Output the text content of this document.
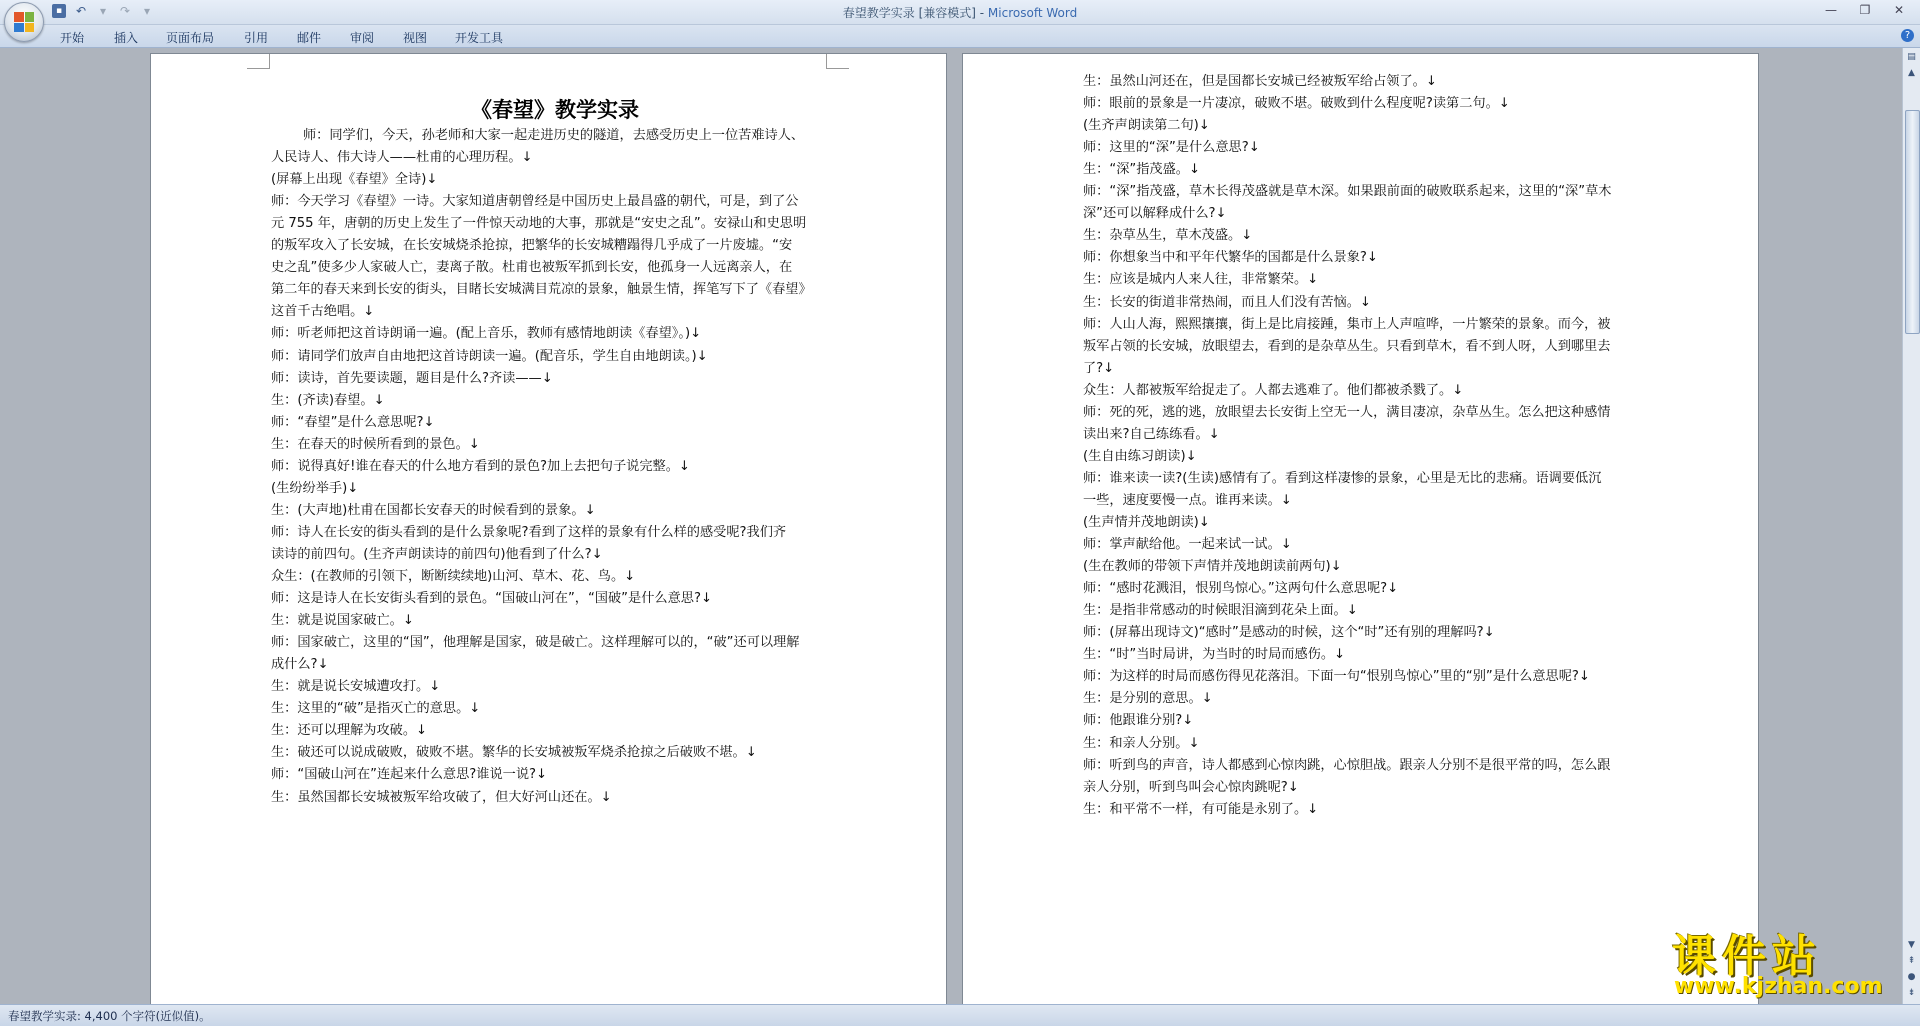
▪	↶	▾	↷	▾	春望教学实录 [兼容模式] - Microsoft Word	— ❐ ✕
开始 插入 页面布局 引用 邮件 审阅 视图 开发工具	?
《春望》教学实录
师：同学们，今天，孙老师和大家一起走进历史的隧道，去感受历史上一位苦难诗人、
人民诗人、伟大诗人——杜甫的心理历程。↓
(屏幕上出现《春望》全诗)↓
师：今天学习《春望》一诗。大家知道唐朝曾经是中国历史上最昌盛的朝代，可是，到了公
元 755 年，唐朝的历史上发生了一件惊天动地的大事，那就是“安史之乱”。安禄山和史思明
的叛军攻入了长安城，在长安城烧杀抢掠，把繁华的长安城糟蹋得几乎成了一片废墟。“安
史之乱”使多少人家破人亡，妻离子散。杜甫也被叛军抓到长安，他孤身一人远离亲人，在
第二年的春天来到长安的街头，目睹长安城满目荒凉的景象，触景生情，挥笔写下了《春望》
这首千古绝唱。↓
师：听老师把这首诗朗诵一遍。(配上音乐，教师有感情地朗读《春望》。)↓
师：请同学们放声自由地把这首诗朗读一遍。(配音乐，学生自由地朗读。)↓
师：读诗，首先要读题，题目是什么?齐读——↓
生：(齐读)春望。↓
师：“春望”是什么意思呢?↓
生：在春天的时候所看到的景色。↓
师：说得真好!谁在春天的什么地方看到的景色?加上去把句子说完整。↓
(生纷纷举手)↓
生：(大声地)杜甫在国都长安春天的时候看到的景象。↓
师：诗人在长安的街头看到的是什么景象呢?看到了这样的景象有什么样的感受呢?我们齐
读诗的前四句。(生齐声朗读诗的前四句)他看到了什么?↓
众生：(在教师的引领下，断断续续地)山河、草木、花、鸟。↓
师：这是诗人在长安街头看到的景色。“国破山河在”，“国破”是什么意思?↓
生：就是说国家破亡。↓
师：国家破亡，这里的“国”，他理解是国家，破是破亡。这样理解可以的，“破”还可以理解
成什么?↓
生：就是说长安城遭攻打。↓
生：这里的“破”是指灭亡的意思。↓
生：还可以理解为攻破。↓
生：破还可以说成破败，破败不堪。繁华的长安城被叛军烧杀抢掠之后破败不堪。↓
师：“国破山河在”连起来什么意思?谁说一说?↓
生：虽然国都长安城被叛军给攻破了，但大好河山还在。↓
生：虽然山河还在，但是国都长安城已经被叛军给占领了。↓
师：眼前的景象是一片凄凉，破败不堪。破败到什么程度呢?读第二句。↓
(生齐声朗读第二句)↓
师：这里的“深”是什么意思?↓
生：“深”指茂盛。↓
师：“深”指茂盛，草木长得茂盛就是草木深。如果跟前面的破败联系起来，这里的“深”草木
深”还可以解释成什么?↓
生：杂草丛生，草木茂盛。↓
师：你想象当中和平年代繁华的国都是什么景象?↓
生：应该是城内人来人往，非常繁荣。↓
生：长安的街道非常热闹，而且人们没有苦恼。↓
师：人山人海，熙熙攘攘，街上是比肩接踵，集市上人声喧哗，一片繁荣的景象。而今，被
叛军占领的长安城，放眼望去，看到的是杂草丛生。只看到草木，看不到人呀，人到哪里去
了?↓
众生：人都被叛军给捉走了。人都去逃难了。他们都被杀戮了。↓
师：死的死，逃的逃，放眼望去长安街上空无一人，满目凄凉，杂草丛生。怎么把这种感情
读出来?自己练练看。↓
(生自由练习朗读)↓
师：谁来读一读?(生读)感情有了。看到这样凄惨的景象，心里是无比的悲痛。语调要低沉
一些，速度要慢一点。谁再来读。↓
(生声情并茂地朗读)↓
师：掌声献给他。一起来试一试。↓
(生在教师的带领下声情并茂地朗读前两句)↓
师：“感时花溅泪，恨别鸟惊心。”这两句什么意思呢?↓
生：是指非常感动的时候眼泪滴到花朵上面。↓
师：(屏幕出现诗文)“感时”是感动的时候，这个“时”还有别的理解吗?↓
生：“时”当时局讲，为当时的时局而感伤。↓
师：为这样的时局而感伤得见花落泪。下面一句“恨别鸟惊心”里的“别”是什么意思呢?↓
生：是分别的意思。↓
师：他跟谁分别?↓
生：和亲人分别。↓
师：听到鸟的声音，诗人都感到心惊肉跳，心惊胆战。跟亲人分别不是很平常的吗，怎么跟
亲人分别，听到鸟叫会心惊肉跳呢?↓
生：和平常不一样，有可能是永别了。↓
▤
▲
▼
⇞
●
⇟
春望教学实录: 4,400 个字符(近似值)。
课件站
www.kjzhan.com
